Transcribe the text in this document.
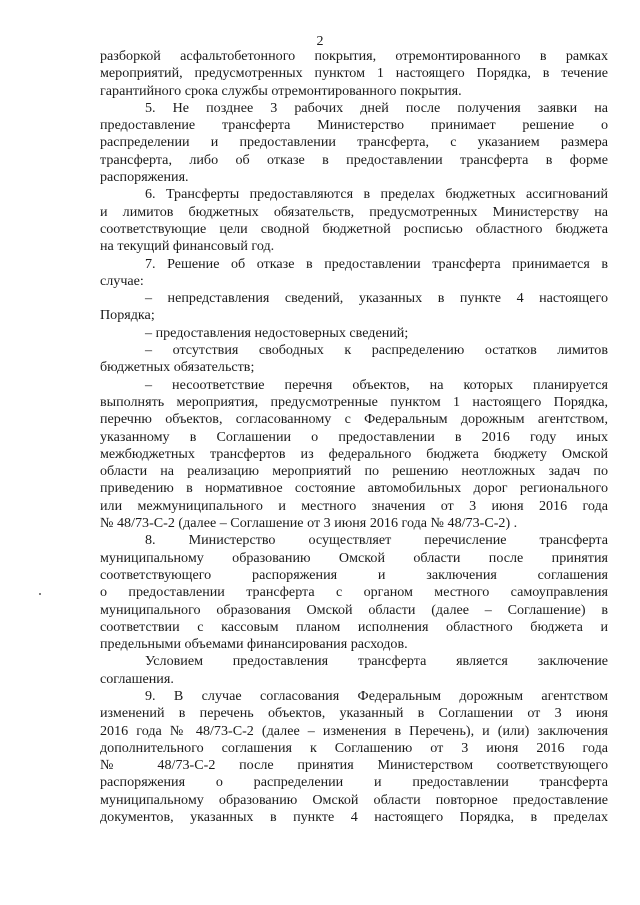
2
разборкой асфальтобетонного покрытия, отремонтированного в рамках
мероприятий, предусмотренных пунктом 1 настоящего Порядка, в течение
гарантийного срока службы отремонтированного покрытия.
5. Не позднее 3 рабочих дней после получения заявки на
предоставление трансферта Министерство принимает решение о
распределении и предоставлении трансферта, с указанием размера
трансферта, либо об отказе в предоставлении трансферта в форме
распоряжения.
6. Трансферты предоставляются в пределах бюджетных ассигнований
и лимитов бюджетных обязательств, предусмотренных Министерству на
соответствующие цели сводной бюджетной росписью областного бюджета
на текущий финансовый год.
7. Решение об отказе в предоставлении трансферта принимается в
случае:
– непредставления сведений, указанных в пункте 4 настоящего
Порядка;
– предоставления недостоверных сведений;
– отсутствия свободных к распределению остатков лимитов
бюджетных обязательств;
– несоответствие перечня объектов, на которых планируется
выполнять мероприятия, предусмотренные пунктом 1 настоящего Порядка,
перечню объектов, согласованному с Федеральным дорожным агентством,
указанному в Соглашении о предоставлении в 2016 году иных
межбюджетных трансфертов из федерального бюджета бюджету Омской
области на реализацию мероприятий по решению неотложных задач по
приведению в нормативное состояние автомобильных дорог регионального
или межмуниципального и местного значения от 3 июня 2016 года
№ 48/73-С-2 (далее – Соглашение от 3 июня 2016 года № 48/73-С-2) .
8. Министерство осуществляет перечисление трансферта
муниципальному образованию Омской области после принятия
соответствующего распоряжения и заключения соглашения
о предоставлении трансферта с органом местного самоуправления
муниципального образования Омской области (далее – Соглашение) в
соответствии с кассовым планом исполнения областного бюджета и
предельными объемами финансирования расходов.
Условием предоставления трансферта является заключение
соглашения.
9. В случае согласования Федеральным дорожным агентством
изменений в перечень объектов, указанный в Соглашении от 3 июня
2016 года № 48/73-С-2 (далее – изменения в Перечень), и (или) заключения
дополнительного соглашения к Соглашению от 3 июня 2016 года
№ 48/73-С-2 после принятия Министерством соответствующего
распоряжения о распределении и предоставлении трансферта
муниципальному образованию Омской области повторное предоставление
документов, указанных в пункте 4 настоящего Порядка, в пределах
